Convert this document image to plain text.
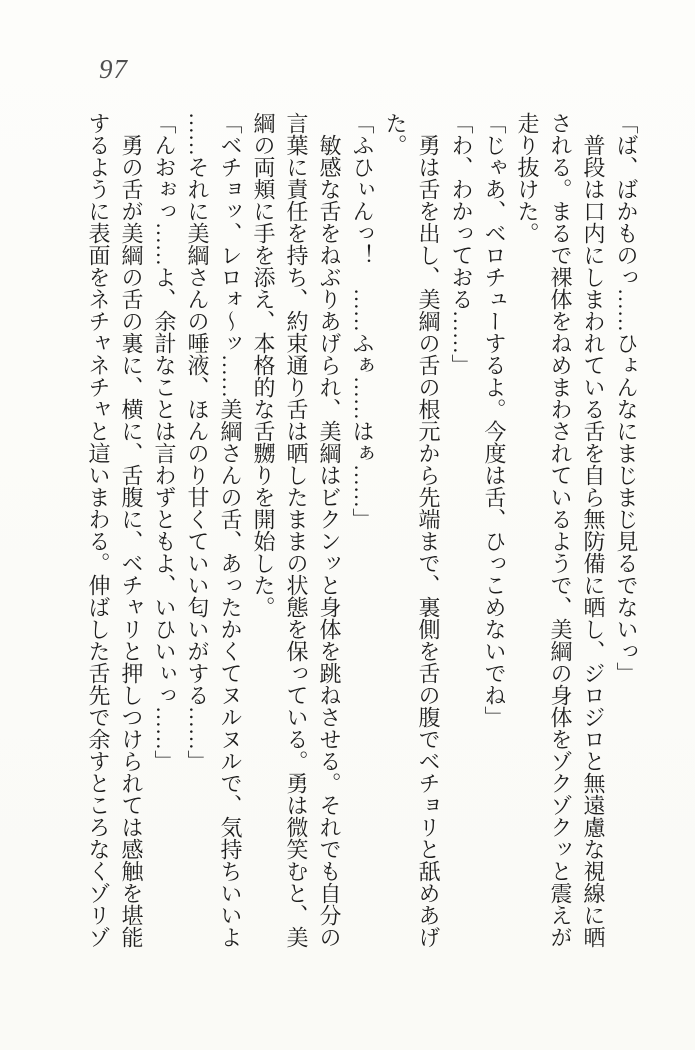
97

「ば、ばかものっ……ひょんなにまじまじ見るでないっ」

　普段は口内にしまわれている舌を自ら無防備に晒し、ジロジロと無遠慮な視線に晒

される。まるで裸体をねめまわされているようで、美綱の身体をゾクゾクッと震えが

走り抜けた。

「じゃあ、ベロチューするよ。今度は舌、ひっこめないでね」

「わ、わかっておる……」

　勇は舌を出し、美綱の舌の根元から先端まで、裏側を舌の腹でベチョリと舐めあげ

た。

「ふひぃんっ！　……ふぁ……はぁ……」

　敏感な舌をねぶりあげられ、美綱はビクンッと身体を跳ねさせる。それでも自分の

言葉に責任を持ち、約束通り舌は晒したままの状態を保っている。勇は微笑むと、美

綱の両頬に手を添え、本格的な舌嬲りを開始した。

「ベチョッ、レロォ～ッ……美綱さんの舌、あったかくてヌルヌルで、気持ちいいよ

……それに美綱さんの唾液、ほんのり甘くていい匂いがする……」

「んおぉっ……よ、余計なことは言わずともよ、いひいぃっ……」

　勇の舌が美綱の舌の裏に、横に、舌腹に、ベチャリと押しつけられては感触を堪能

するように表面をネチャネチャと這いまわる。伸ばした舌先で余すところなくゾリゾ
